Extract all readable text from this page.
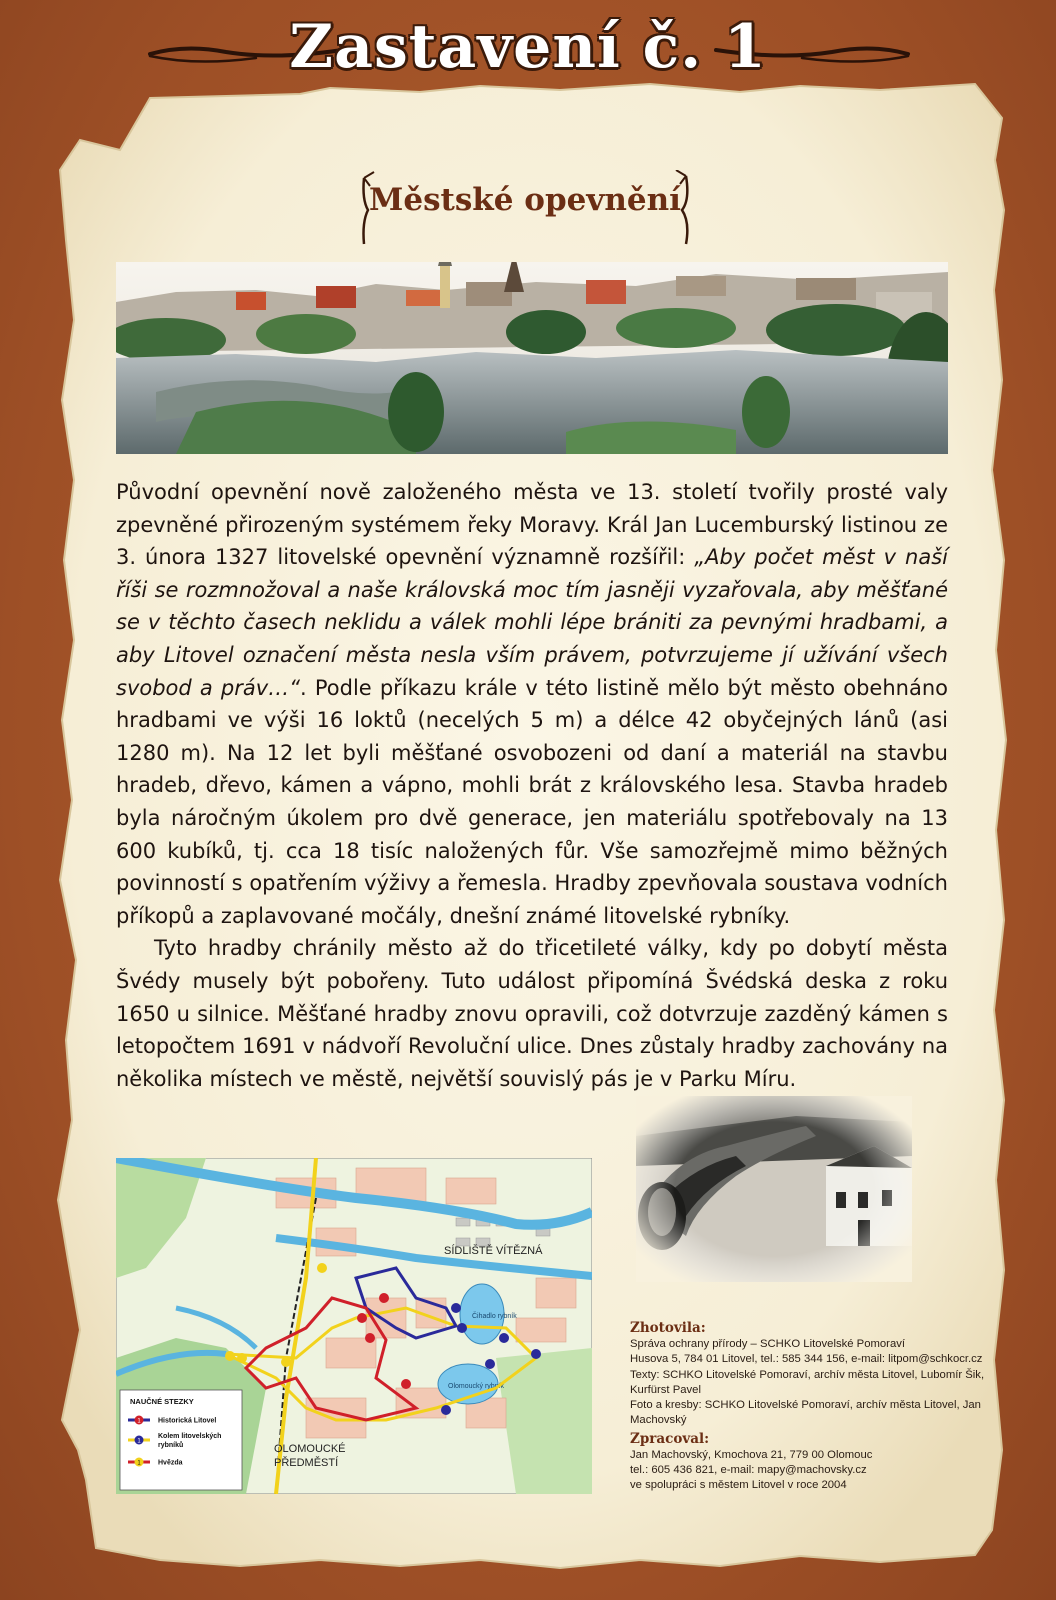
Zastavení č. 1
Městské opevnění

Původní opevnění nově založeného města ve 13. století tvořily prosté valy zpevněné přirozeným systémem řeky Moravy. Král Jan Lucemburský listinou ze 3. února 1327 litovelské opevnění významně rozšířil: „Aby počet měst v naší říši se rozmnožoval a naše královská moc tím jasněji vyzařovala, aby měšťané se v těchto časech neklidu a válek mohli lépe brániti za pevnými hradbami, a aby Litovel označení města nesla vším právem, potvrzujeme jí užívání všech svobod a práv…“. Podle příkazu krále v této listině mělo být město obehnáno hradbami ve výši 16 loktů (necelých 5 m) a délce 42 obyčejných lánů (asi 1280 m). Na 12 let byli měšťané osvobozeni od daní a materiál na stavbu hradeb, dřevo, kámen a vápno, mohli brát z královského lesa. Stavba hradeb byla náročným úkolem pro dvě generace, jen materiálu spotřebovaly na 13 600 kubíků, tj. cca 18 tisíc naložených fůr. Vše samozřejmě mimo běžných povinností s opatřením výživy a řemesla. Hradby zpevňovala soustava vodních příkopů a zaplavované močály, dnešní známé litovelské rybníky.

Tyto hradby chránily město až do třicetileté války, kdy po dobytí města Švédy musely být pobořeny. Tuto událost připomíná Švédská deska z roku 1650 u silnice. Měšťané hradby znovu opravili, což dotvrzuje zazděný kámen s letopočtem 1691 v nádvoří Revoluční ulice. Dnes zůstaly hradby zachovány na několika místech ve městě, největší souvislý pás je v Parku Míru.

Čihadlo rybník
Olomoucký rybník
SÍDLIŠTĚ VÍTĚZNÁ
OLOMOUCKÉ
PŘEDMĚSTÍ
NAUČNÉ STEZKY
1 Historická Litovel
1
Kolem litovelských
rybníků
1 Hvězda
Zhotovila:
Správa ochrany přírody – SCHKO Litovelské Pomoraví
Husova 5, 784 01 Litovel, tel.: 585 344 156, e-mail: litpom@schkocr.cz
Texty: SCHKO Litovelské Pomoraví, archív města Litovel, Lubomír Šik, Kurfürst Pavel
Foto a kresby: SCHKO Litovelské Pomoraví, archív města Litovel, Jan Machovský
Zpracoval:
Jan Machovský, Kmochova 21, 779 00 Olomouc
tel.: 605 436 821, e-mail: mapy@machovsky.cz
ve spolupráci s městem Litovel v roce 2004
